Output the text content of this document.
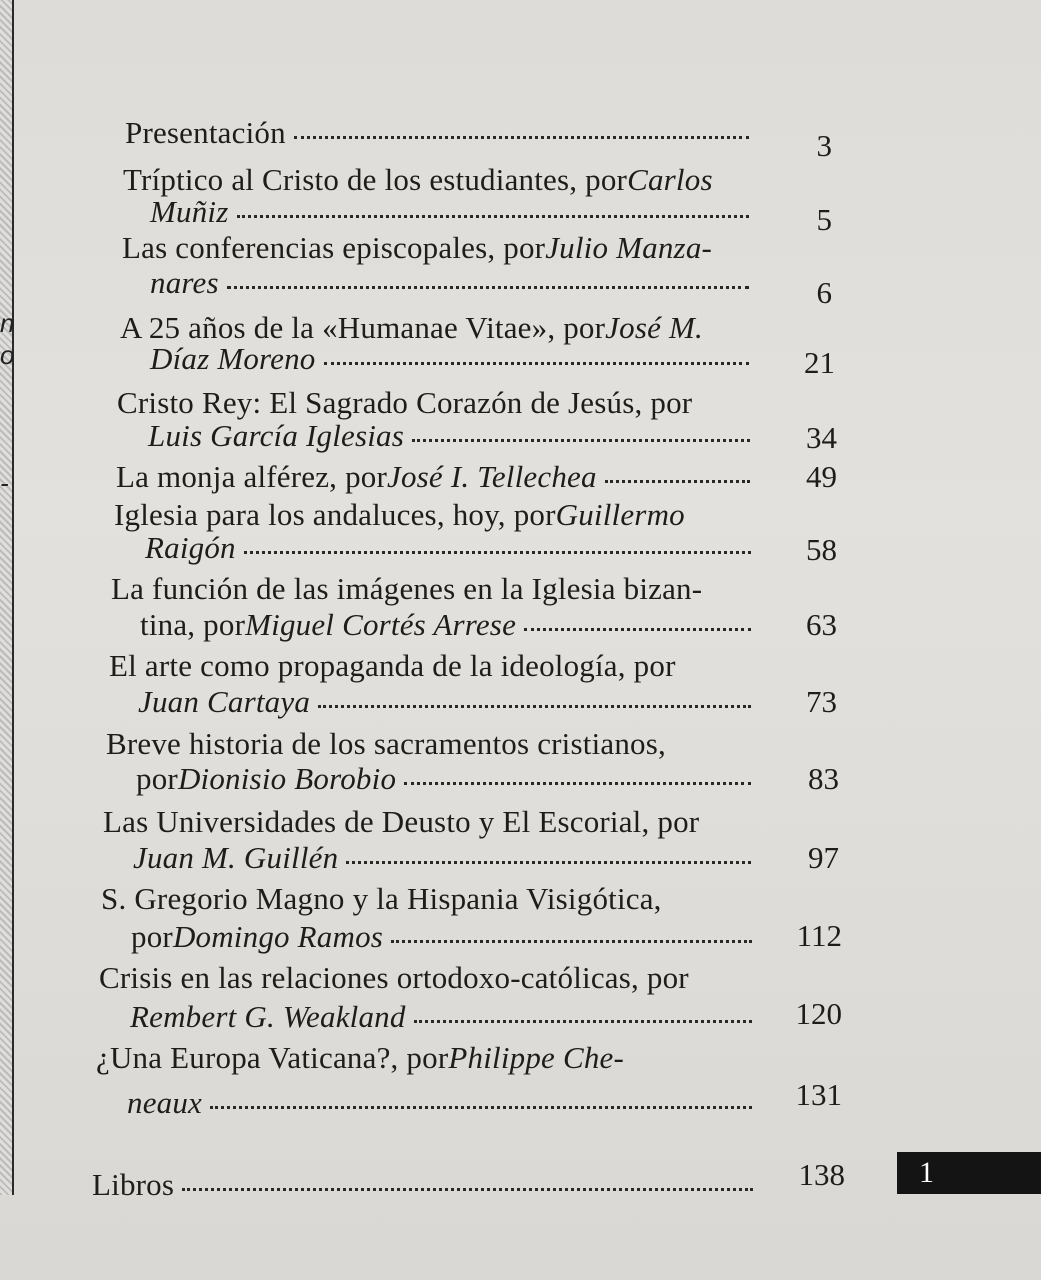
n
o
-
Presentación	3
Tríptico al Cristo de los estudiantes, por Carlos
Muñiz	5
Las conferencias episcopales, por Julio Manza-
nares	6
A 25 años de la «Humanae Vitae», por José M.
Díaz Moreno	21
Cristo Rey: El Sagrado Corazón de Jesús, por
Luis García Iglesias	34
La monja alférez, por José I. Tellechea	49
Iglesia para los andaluces, hoy, por Guillermo
Raigón	58
La función de las imágenes en la Iglesia bizan-
tina, por Miguel Cortés Arrese	63
El arte como propaganda de la ideología, por
Juan Cartaya	73
Breve historia de los sacramentos cristianos,
por Dionisio Borobio	83
Las Universidades de Deusto y El Escorial, por
Juan M. Guillén	97
S. Gregorio Magno y la Hispania Visigótica,
por Domingo Ramos	112
Crisis en las relaciones ortodoxo-católicas, por
Rembert G. Weakland	120
¿Una Europa Vaticana?, por Philippe Che-
neaux	131
Libros	138	1
